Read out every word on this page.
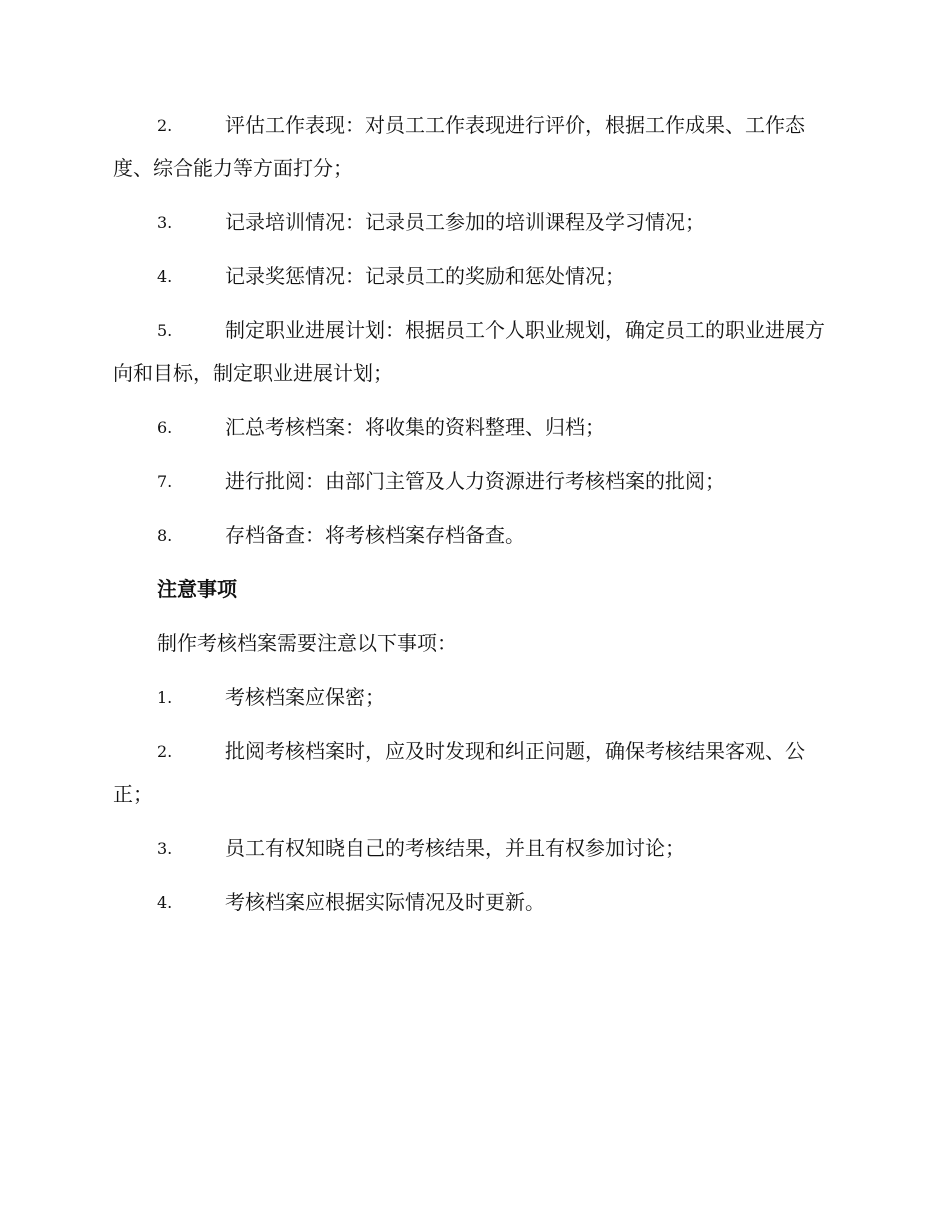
2.	评估工作表现：对员工工作表现进行评价，根据工作成果、工作态度、综合能力等方面打分；

3.	记录培训情况：记录员工参加的培训课程及学习情况；

4.	记录奖惩情况：记录员工的奖励和惩处情况；

5.	制定职业进展计划：根据员工个人职业规划，确定员工的职业进展方向和目标，制定职业进展计划；

6.	汇总考核档案：将收集的资料整理、归档；

7.	进行批阅：由部门主管及人力资源进行考核档案的批阅；

8.	存档备查：将考核档案存档备查。

注意事项

制作考核档案需要注意以下事项：

1.	考核档案应保密；

2.	批阅考核档案时，应及时发现和纠正问题，确保考核结果客观、公正；

3.	员工有权知晓自己的考核结果，并且有权参加讨论；

4.	考核档案应根据实际情况及时更新。
